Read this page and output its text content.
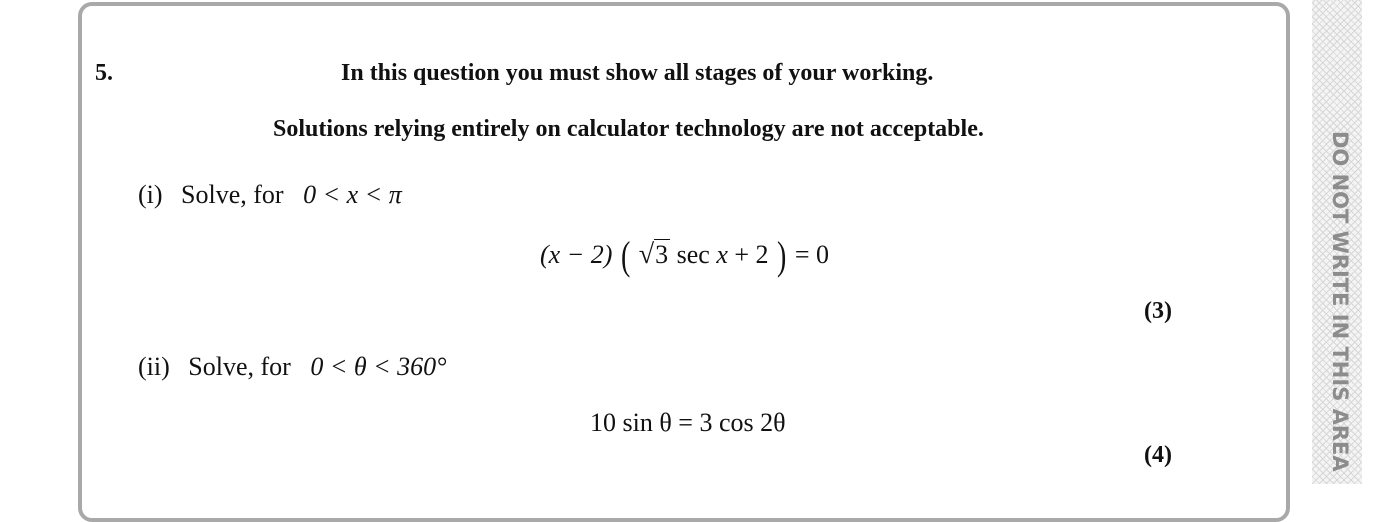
5.	In this question you must show all stages of your working.
Solutions relying entirely on calculator technology are not acceptable.
(i) Solve, for 0 < x < π
(x − 2) ( √3 sec x + 2 ) = 0
(3)
(ii) Solve, for 0 < θ < 360°
10 sin θ = 3 cos 2θ
(4)	DO NOT WRITE IN THIS AREA
